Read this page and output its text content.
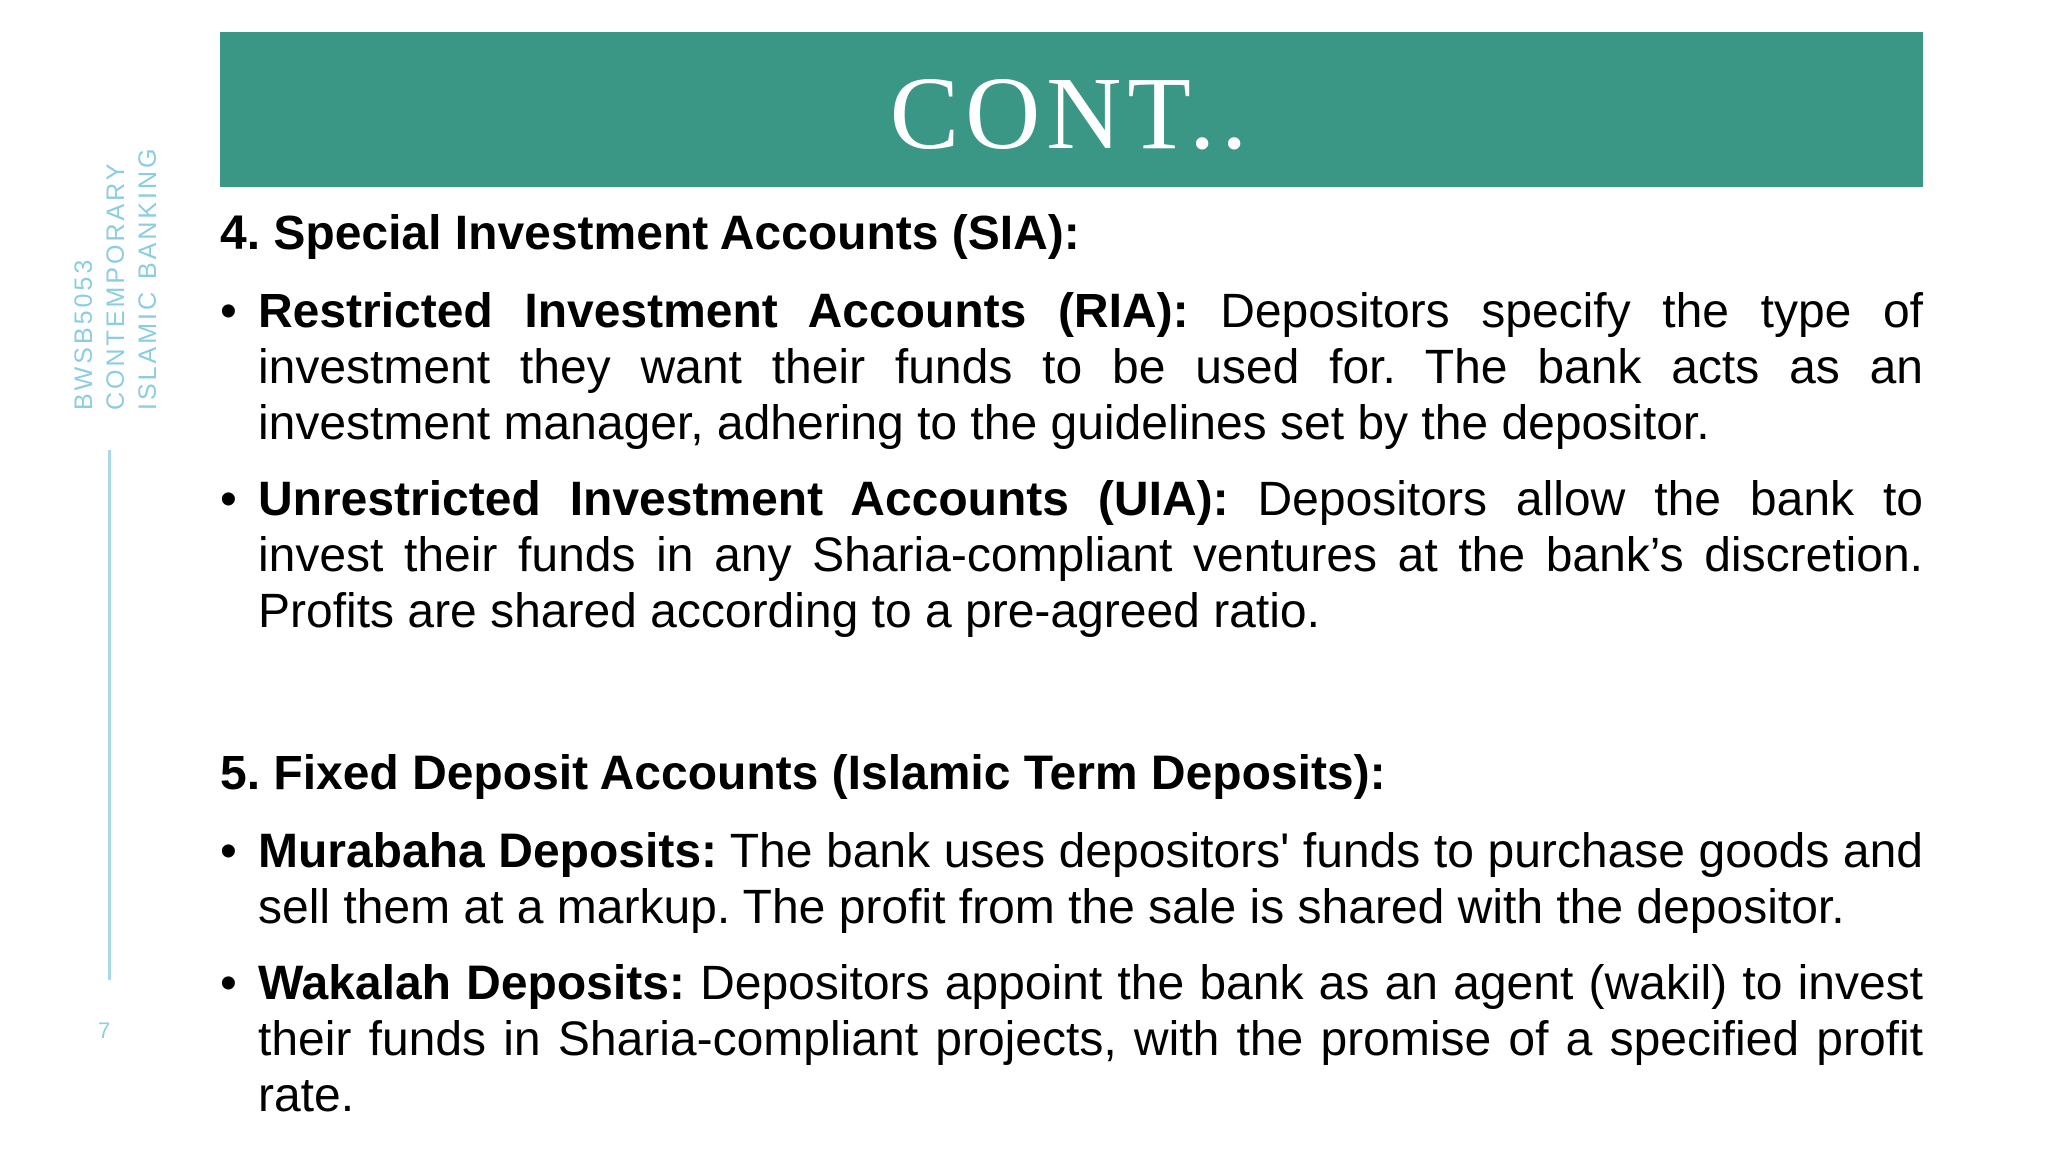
BWSB5053 CONTEMPORARY ISLAMIC BANKING
7
CONT..

4. Special Investment Accounts (SIA):

• Restricted Investment Accounts (RIA): Depositors specify the type of investment they want their funds to be used for. The bank acts as an investment manager, adhering to the guidelines set by the depositor.
• Unrestricted Investment Accounts (UIA): Depositors allow the bank to invest their funds in any Sharia-compliant ventures at the bank’s discretion. Profits are shared according to a pre-agreed ratio.

5. Fixed Deposit Accounts (Islamic Term Deposits):

• Murabaha Deposits: The bank uses depositors' funds to purchase goods and sell them at a markup. The profit from the sale is shared with the depositor.
• Wakalah Deposits: Depositors appoint the bank as an agent (wakil) to invest their funds in Sharia-compliant projects, with the promise of a specified profit rate.
